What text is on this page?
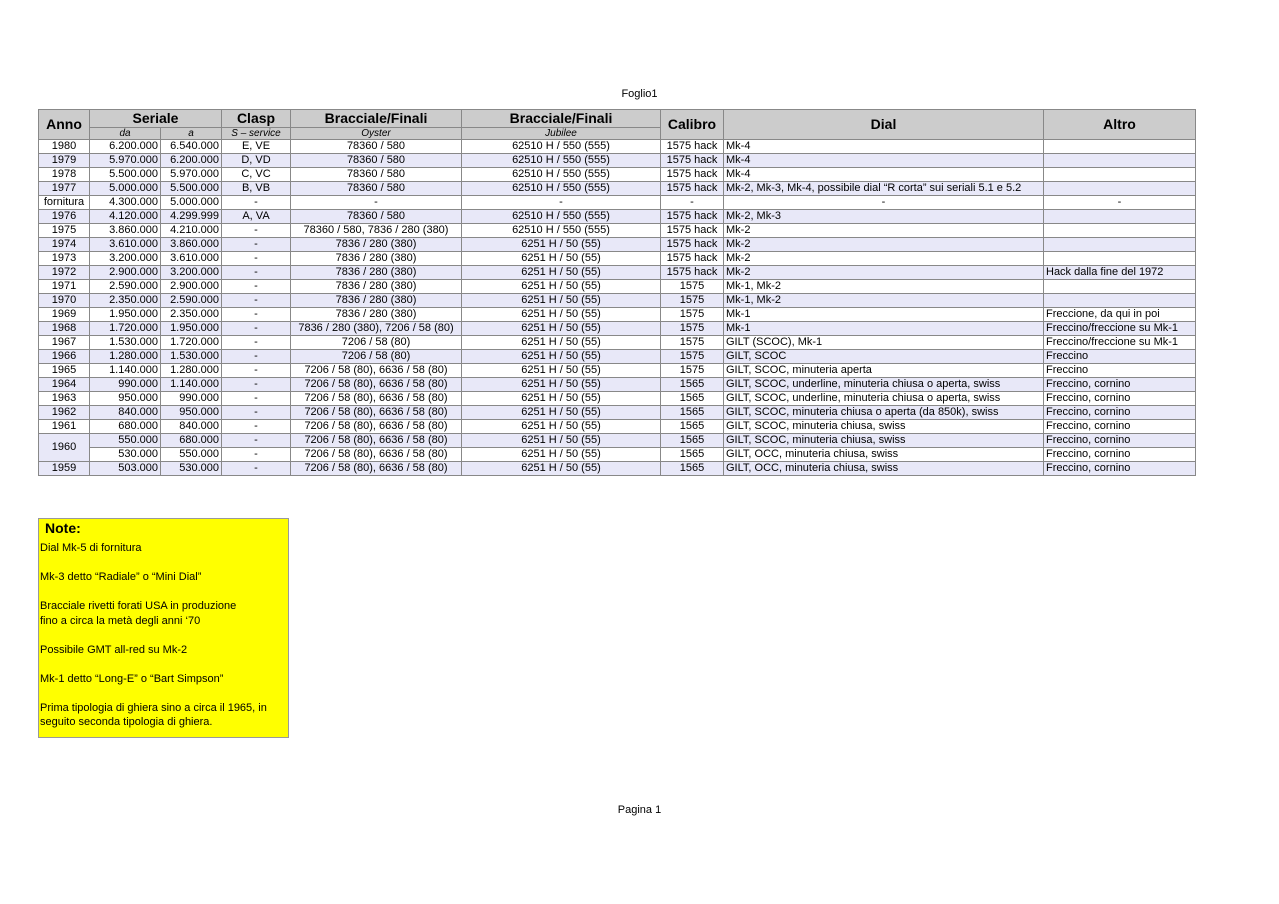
Foglio1
Anno	Seriale		Clasp	Bracciale/Finali	Bracciale/Finali	Calibro	Dial	Altro
	da	a	S – service	Oyster	Jubilee			
1980	6.200.000	6.540.000	E, VE	78360 / 580	62510 H / 550 (555)	1575 hack	Mk-4	
1979	5.970.000	6.200.000	D, VD	78360 / 580	62510 H / 550 (555)	1575 hack	Mk-4	
1978	5.500.000	5.970.000	C, VC	78360 / 580	62510 H / 550 (555)	1575 hack	Mk-4	
1977	5.000.000	5.500.000	B, VB	78360 / 580	62510 H / 550 (555)	1575 hack	Mk-2, Mk-3, Mk-4, possibile dial “R corta” sui seriali 5.1 e 5.2	
fornitura	4.300.000	5.000.000	-	-	-	-	-	-
1976	4.120.000	4.299.999	A, VA	78360 / 580	62510 H / 550 (555)	1575 hack	Mk-2, Mk-3	
1975	3.860.000	4.210.000	-	78360 / 580, 7836 / 280 (380)	62510 H / 550 (555)	1575 hack	Mk-2	
1974	3.610.000	3.860.000	-	7836 / 280 (380)	6251 H / 50 (55)	1575 hack	Mk-2	
1973	3.200.000	3.610.000	-	7836 / 280 (380)	6251 H / 50 (55)	1575 hack	Mk-2	
1972	2.900.000	3.200.000	-	7836 / 280 (380)	6251 H / 50 (55)	1575 hack	Mk-2	Hack dalla fine del 1972
1971	2.590.000	2.900.000	-	7836 / 280 (380)	6251 H / 50 (55)	1575	Mk-1, Mk-2	
1970	2.350.000	2.590.000	-	7836 / 280 (380)	6251 H / 50 (55)	1575	Mk-1, Mk-2	
1969	1.950.000	2.350.000	-	7836 / 280 (380)	6251 H / 50 (55)	1575	Mk-1	Freccione, da qui in poi
1968	1.720.000	1.950.000	-	7836 / 280 (380), 7206 / 58 (80)	6251 H / 50 (55)	1575	Mk-1	Freccino/freccione su Mk-1
1967	1.530.000	1.720.000	-	7206 / 58 (80)	6251 H / 50 (55)	1575	GILT (SCOC), Mk-1	Freccino/freccione su Mk-1
1966	1.280.000	1.530.000	-	7206 / 58 (80)	6251 H / 50 (55)	1575	GILT, SCOC	Freccino
1965	1.140.000	1.280.000	-	7206 / 58 (80), 6636 / 58 (80)	6251 H / 50 (55)	1575	GILT, SCOC, minuteria aperta	Freccino
1964	990.000	1.140.000	-	7206 / 58 (80), 6636 / 58 (80)	6251 H / 50 (55)	1565	GILT, SCOC, underline, minuteria chiusa o aperta, swiss	Freccino, cornino
1963	950.000	990.000	-	7206 / 58 (80), 6636 / 58 (80)	6251 H / 50 (55)	1565	GILT, SCOC, underline, minuteria chiusa o aperta, swiss	Freccino, cornino
1962	840.000	950.000	-	7206 / 58 (80), 6636 / 58 (80)	6251 H / 50 (55)	1565	GILT, SCOC, minuteria chiusa o aperta (da 850k), swiss	Freccino, cornino
1961	680.000	840.000	-	7206 / 58 (80), 6636 / 58 (80)	6251 H / 50 (55)	1565	GILT, SCOC, minuteria chiusa, swiss	Freccino, cornino
1960	550.000	680.000	-	7206 / 58 (80), 6636 / 58 (80)	6251 H / 50 (55)	1565	GILT, SCOC, minuteria chiusa, swiss	Freccino, cornino
	530.000	550.000	-	7206 / 58 (80), 6636 / 58 (80)	6251 H / 50 (55)	1565	GILT, OCC, minuteria chiusa, swiss	Freccino, cornino
1959	503.000	530.000	-	7206 / 58 (80), 6636 / 58 (80)	6251 H / 50 (55)	1565	GILT, OCC, minuteria chiusa, swiss	Freccino, cornino
Note:
Dial Mk-5 di fornitura
Mk-3 detto “Radiale” o “Mini Dial”
Bracciale rivetti forati USA in produzione
fino a circa la metà degli anni ‘70
Possibile GMT all-red su Mk-2
Mk-1 detto “Long-E” o “Bart Simpson”
Prima tipologia di ghiera sino a circa il 1965, in
seguito seconda tipologia di ghiera.
Pagina 1
